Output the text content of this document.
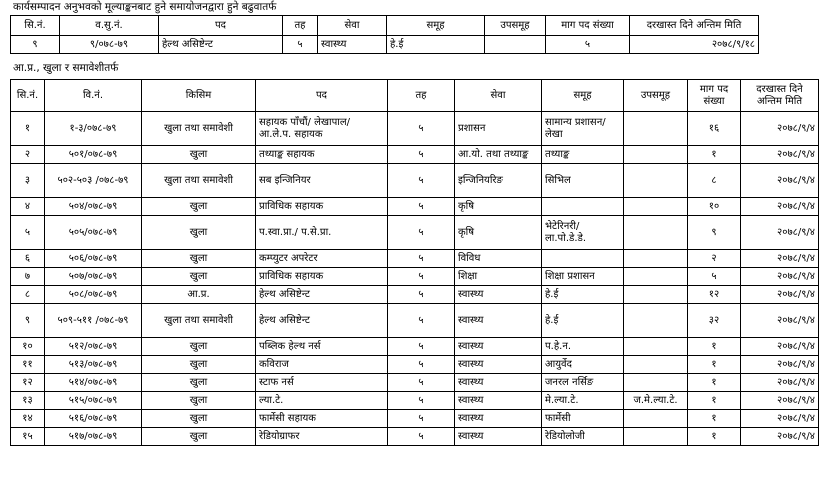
कार्यसम्पादन अनुभवको मूल्याङ्कनबाट हुने समायोजनद्वारा हुने बढुवातर्फ
सि.नं.	व.सु.नं.	पद	तह	सेवा	समूह	उपसमूह	माग पद संख्या	दरखास्त दिने अन्तिम मिति
९	९/०७८-७९	हेल्थ असिष्टेन्ट	५	स्वास्थ्य	हे.ई		५	२०७८/९/१८
आ.प्र., खुला र समावेशीतर्फ
सि.नं.	वि.नं.	किसिम	पद	तह	सेवा	समूह	उपसमूह	माग पद संख्या	दरखास्त दिने अन्तिम मिति
१	१-३/०७८-७९	खुला तथा समावेशी	सहायक पाँचौं/ लेखापाल/ आ.ले.प. सहायक	५	प्रशासन	सामान्य प्रशासन/लेखा		१६	२०७८/९/४
२	५०१/०७८-७९	खुला	तथ्याङ्क सहायक	५	आ.यो. तथा तथ्याङ्क	तथ्याङ्क		१	२०७८/९/४
३	५०२-५०३ /०७८-७९	खुला तथा समावेशी	सब इन्जिनियर	५	इन्जिनियरिङ	सिभिल		८	२०७८/९/४
४	५०४/०७८-७९	खुला	प्राविधिक सहायक	५	कृषि			१०	२०७८/९/४
५	५०५/०७८-७९	खुला	प.स्वा.प्रा./ प.से.प्रा.	५	कृषि	भेटेरिनरी/ ला.पो.डे.डे.		९	२०७८/९/४
६	५०६/०७८-७९	खुला	कम्प्युटर अपरेटर	५	विविध			२	२०७८/९/४
७	५०७/०७८-७९	खुला	प्राविधिक सहायक	५	शिक्षा	शिक्षा प्रशासन		५	२०७८/९/४
८	५०८/०७८-७९	आ.प्र.	हेल्थ असिष्टेन्ट	५	स्वास्थ्य	हे.ई		१२	२०७८/९/४
९	५०९-५११ /०७८-७९	खुला तथा समावेशी	हेल्थ असिष्टेन्ट	५	स्वास्थ्य	हे.ई		३२	२०७८/९/४
१०	५१२/०७८-७९	खुला	पब्लिक हेल्थ नर्स	५	स्वास्थ्य	प.हे.न.		१	२०७८/९/४
११	५१३/०७८-७९	खुला	कविराज	५	स्वास्थ्य	आयुर्वेद		१	२०७८/९/४
१२	५१४/०७८-७९	खुला	स्टाफ नर्स	५	स्वास्थ्य	जनरल नर्सिङ		१	२०७८/९/४
१३	५१५/०७८-७९	खुला	ल्या.टे.	५	स्वास्थ्य	मे.ल्या.टे.	ज.मे.ल्या.टे.	१	२०७८/९/४
१४	५१६/०७८-७९	खुला	फार्मेसी सहायक	५	स्वास्थ्य	फार्मेसी		१	२०७८/९/४
१५	५१७/०७८-७९	खुला	रेडियोग्राफर	५	स्वास्थ्य	रेडियोलोजी		१	२०७८/९/४
